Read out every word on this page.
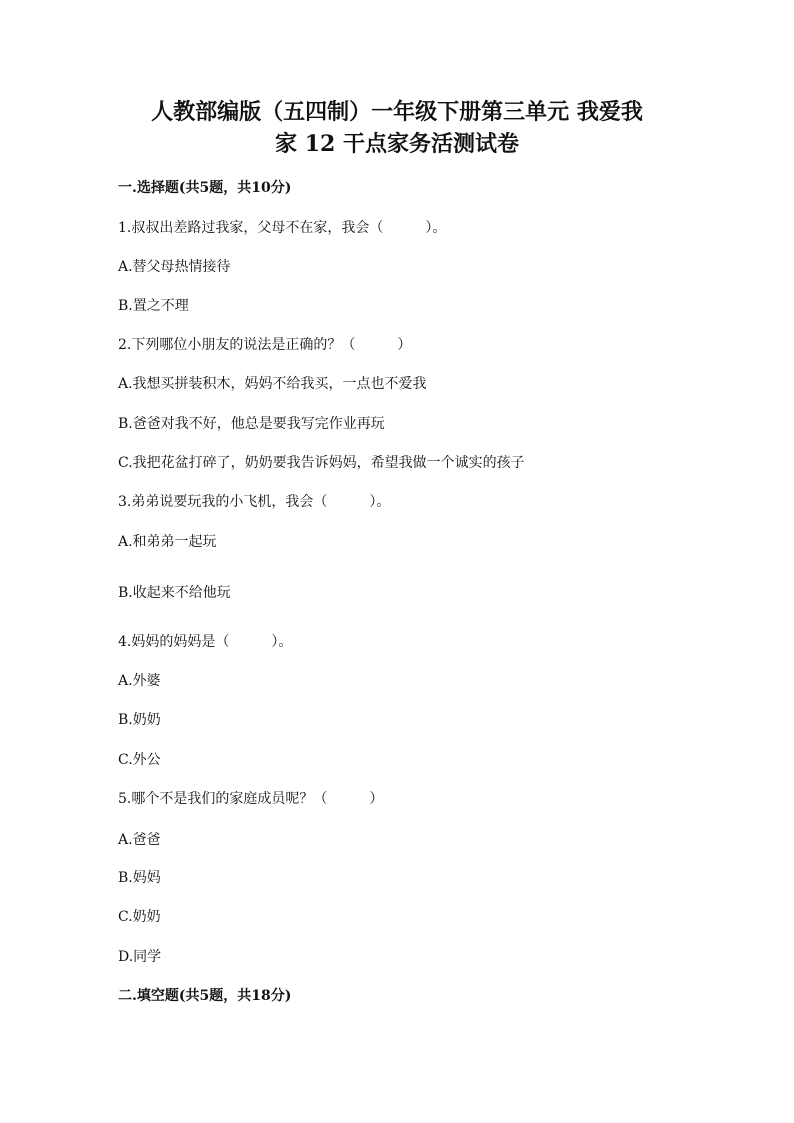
人教部编版（五四制）一年级下册第三单元 我爱我
家 12 干点家务活测试卷
一.选择题(共5题，共10分)
1.叔叔出差路过我家，父母不在家，我会（　　　）。
A.替父母热情接待
B.置之不理
2.下列哪位小朋友的说法是正确的？（　　　）
A.我想买拼装积木，妈妈不给我买，一点也不爱我
B.爸爸对我不好，他总是要我写完作业再玩
C.我把花盆打碎了，奶奶要我告诉妈妈，希望我做一个诚实的孩子
3.弟弟说要玩我的小飞机，我会（　　　）。
A.和弟弟一起玩
B.收起来不给他玩
4.妈妈的妈妈是（　　　）。
A.外婆
B.奶奶
C.外公
5.哪个不是我们的家庭成员呢？（　　　）
A.爸爸
B.妈妈
C.奶奶
D.同学
二.填空题(共5题，共18分)
